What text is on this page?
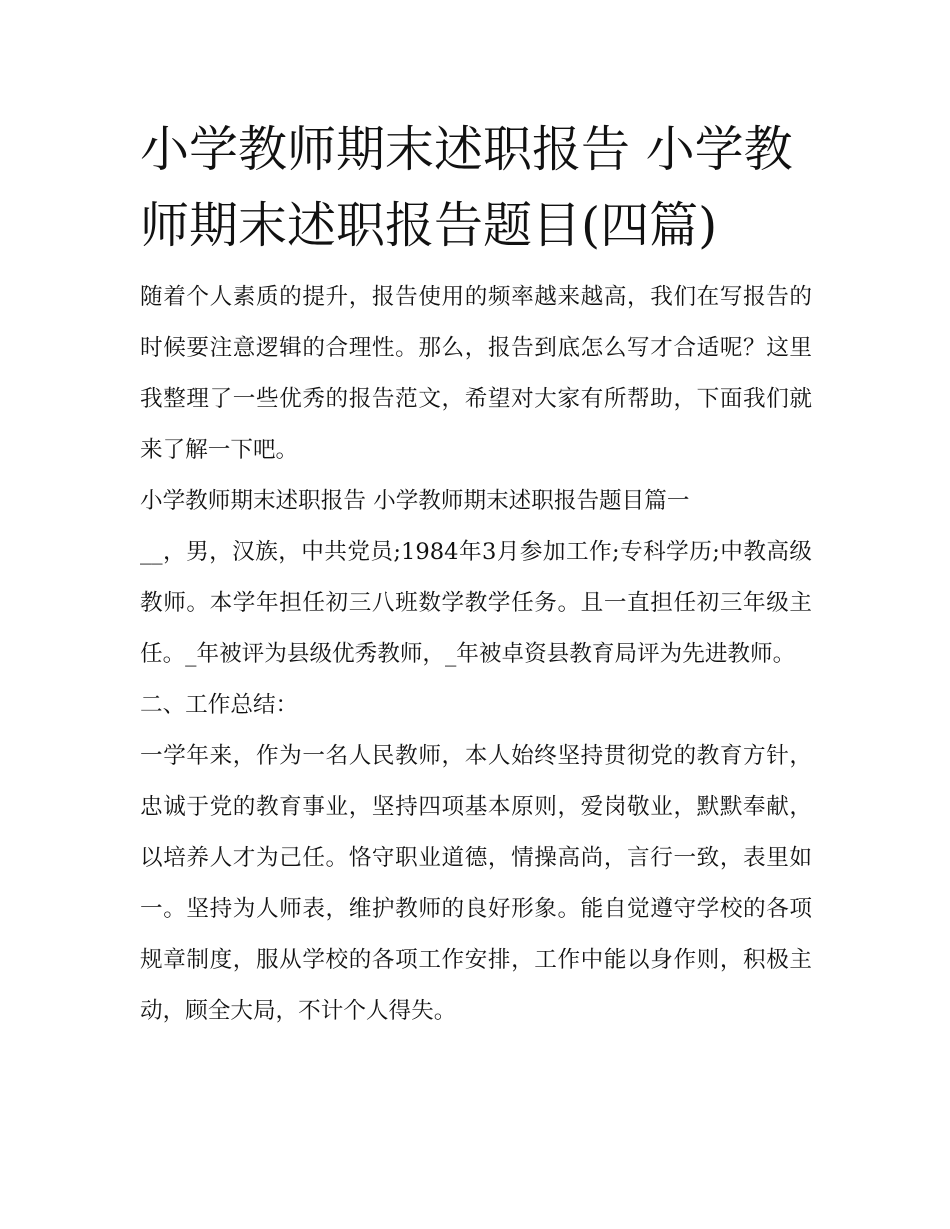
小学教师期末述职报告 小学教师期末述职报告题目(四篇)

随着个人素质的提升，报告使用的频率越来越高，我们在写报告的时候要注意逻辑的合理性。那么，报告到底怎么写才合适呢？这里我整理了一些优秀的报告范文，希望对大家有所帮助，下面我们就来了解一下吧。

小学教师期末述职报告 小学教师期末述职报告题目篇一

__，男，汉族，中共党员;1984年3月参加工作;专科学历;中教高级教师。本学年担任初三八班数学教学任务。且一直担任初三年级主任。_年被评为县级优秀教师，_年被卓资县教育局评为先进教师。

二、工作总结：

一学年来，作为一名人民教师，本人始终坚持贯彻党的教育方针，忠诚于党的教育事业，坚持四项基本原则，爱岗敬业，默默奉献，以培养人才为己任。恪守职业道德，情操高尚，言行一致，表里如一。坚持为人师表，维护教师的良好形象。能自觉遵守学校的各项规章制度，服从学校的各项工作安排，工作中能以身作则，积极主动，顾全大局，不计个人得失。
